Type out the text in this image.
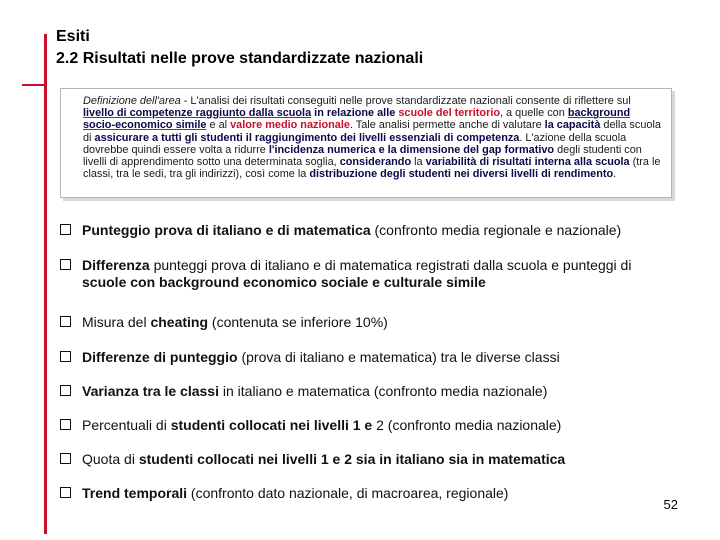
Esiti
2.2 Risultati nelle prove standardizzate nazionali
Definizione dell'area - L'analisi dei risultati conseguiti nelle prove standardizzate nazionali consente di riflettere sul livello di competenze raggiunto dalla scuola in relazione alle scuole del territorio, a quelle con background socio-economico simile e al valore medio nazionale. Tale analisi permette anche di valutare la capacità della scuola di assicurare a tutti gli studenti il raggiungimento dei livelli essenziali di competenza. L'azione della scuola dovrebbe quindi essere volta a ridurre l'incidenza numerica e la dimensione del gap formativo degli studenti con livelli di apprendimento sotto una determinata soglia, considerando la variabilità di risultati interna alla scuola (tra le classi, tra le sedi, tra gli indirizzi), così come la distribuzione degli studenti nei diversi livelli di rendimento.
Punteggio prova di italiano e di matematica (confronto media regionale e nazionale)
Differenza punteggi prova di italiano e di matematica registrati dalla scuola e punteggi di scuole con background economico sociale e culturale simile
Misura del cheating (contenuta se inferiore 10%)
Differenze di punteggio (prova di italiano e matematica) tra le diverse classi
Varianza tra le classi in italiano e matematica (confronto media nazionale)
Percentuali di studenti collocati nei livelli 1 e 2 (confronto media nazionale)
Quota di studenti collocati nei livelli 1 e 2 sia in italiano sia in matematica
Trend temporali (confronto dato nazionale, di macroarea, regionale)
52
